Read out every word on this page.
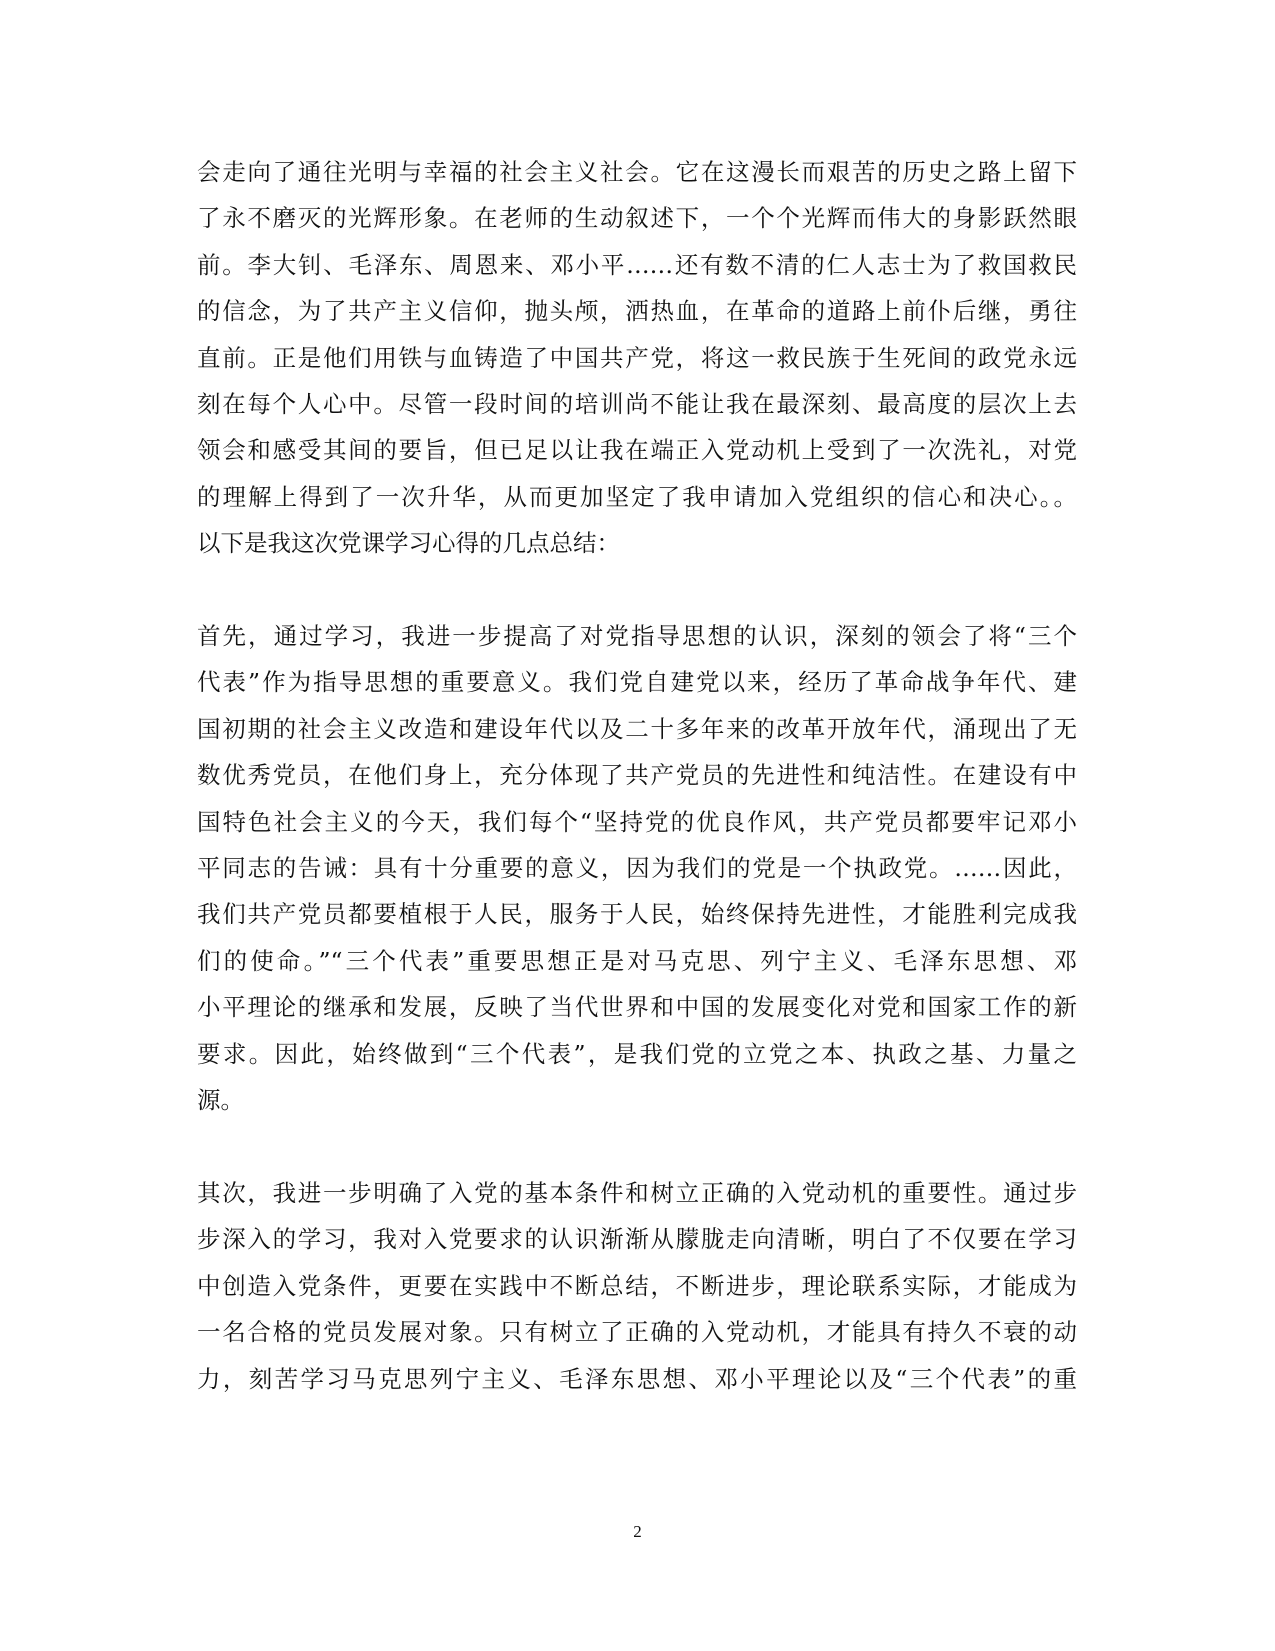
会走向了通往光明与幸福的社会主义社会。它在这漫长而艰苦的历史之路上留下
了永不磨灭的光辉形象。在老师的生动叙述下，一个个光辉而伟大的身影跃然眼
前。李大钊、毛泽东、周恩来、邓小平……还有数不清的仁人志士为了救国救民
的信念，为了共产主义信仰，抛头颅，洒热血，在革命的道路上前仆后继，勇往
直前。正是他们用铁与血铸造了中国共产党，将这一救民族于生死间的政党永远
刻在每个人心中。尽管一段时间的培训尚不能让我在最深刻、最高度的层次上去
领会和感受其间的要旨，但已足以让我在端正入党动机上受到了一次洗礼，对党
的理解上得到了一次升华，从而更加坚定了我申请加入党组织的信心和决心。。
以下是我这次党课学习心得的几点总结：
首先，通过学习，我进一步提高了对党指导思想的认识，深刻的领会了将“三个
代表”作为指导思想的重要意义。我们党自建党以来，经历了革命战争年代、建
国初期的社会主义改造和建设年代以及二十多年来的改革开放年代，涌现出了无
数优秀党员，在他们身上，充分体现了共产党员的先进性和纯洁性。在建设有中
国特色社会主义的今天，我们每个“坚持党的优良作风，共产党员都要牢记邓小
平同志的告诫：具有十分重要的意义，因为我们的党是一个执政党。……因此，
我们共产党员都要植根于人民，服务于人民，始终保持先进性，才能胜利完成我
们的使命。”“三个代表”重要思想正是对马克思、列宁主义、毛泽东思想、邓
小平理论的继承和发展，反映了当代世界和中国的发展变化对党和国家工作的新
要求。因此，始终做到“三个代表”，是我们党的立党之本、执政之基、力量之
源。
其次，我进一步明确了入党的基本条件和树立正确的入党动机的重要性。通过步
步深入的学习，我对入党要求的认识渐渐从朦胧走向清晰，明白了不仅要在学习
中创造入党条件，更要在实践中不断总结，不断进步，理论联系实际，才能成为
一名合格的党员发展对象。只有树立了正确的入党动机，才能具有持久不衰的动
力，刻苦学习马克思列宁主义、毛泽东思想、邓小平理论以及“三个代表”的重
2
